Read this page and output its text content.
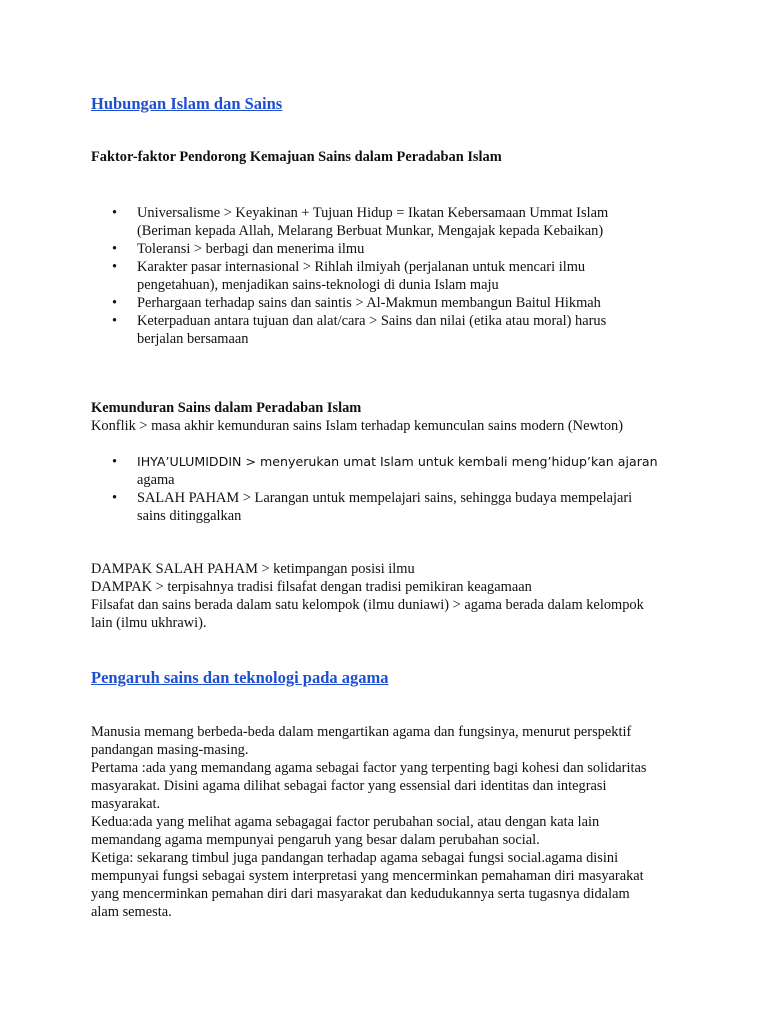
Hubungan Islam dan Sains
Faktor-faktor Pendorong Kemajuan Sains dalam Peradaban Islam
• Universalisme > Keyakinan + Tujuan Hidup = Ikatan Kebersamaan Ummat Islam
(Beriman kepada Allah, Melarang Berbuat Munkar, Mengajak kepada Kebaikan)
• Toleransi > berbagi dan menerima ilmu
• Karakter pasar internasional > Rihlah ilmiyah (perjalanan untuk mencari ilmu
pengetahuan), menjadikan sains-teknologi di dunia Islam maju
• Perhargaan terhadap sains dan saintis > Al-Makmun membangun Baitul Hikmah
• Keterpaduan antara tujuan dan alat/cara > Sains dan nilai (etika atau moral) harus
berjalan bersamaan
Kemunduran Sains dalam Peradaban Islam
Konflik > masa akhir kemunduran sains Islam terhadap kemunculan sains modern (Newton)
• IHYA’ULUMIDDIN > menyerukan umat Islam untuk kembali meng’hidup’kan ajaran
agama
• SALAH PAHAM > Larangan untuk mempelajari sains, sehingga budaya mempelajari
sains ditinggalkan
DAMPAK SALAH PAHAM > ketimpangan posisi ilmu
DAMPAK > terpisahnya tradisi filsafat dengan tradisi pemikiran keagamaan
Filsafat dan sains berada dalam satu kelompok (ilmu duniawi) > agama berada dalam kelompok
lain (ilmu ukhrawi).
Pengaruh sains dan teknologi pada agama
Manusia memang berbeda-beda dalam mengartikan agama dan fungsinya, menurut perspektif
pandangan masing-masing.
Pertama :ada yang memandang agama sebagai factor yang terpenting bagi kohesi dan solidaritas
masyarakat. Disini agama dilihat sebagai factor yang essensial dari identitas dan integrasi
masyarakat.
Kedua:ada yang melihat agama sebagagai factor perubahan social, atau dengan kata lain
memandang agama mempunyai pengaruh yang besar dalam perubahan social.
Ketiga: sekarang timbul juga pandangan terhadap agama sebagai fungsi social.agama disini
mempunyai fungsi sebagai system interpretasi yang mencerminkan pemahaman diri masyarakat
yang mencerminkan pemahan diri dari masyarakat dan kedudukannya serta tugasnya didalam
alam semesta.
